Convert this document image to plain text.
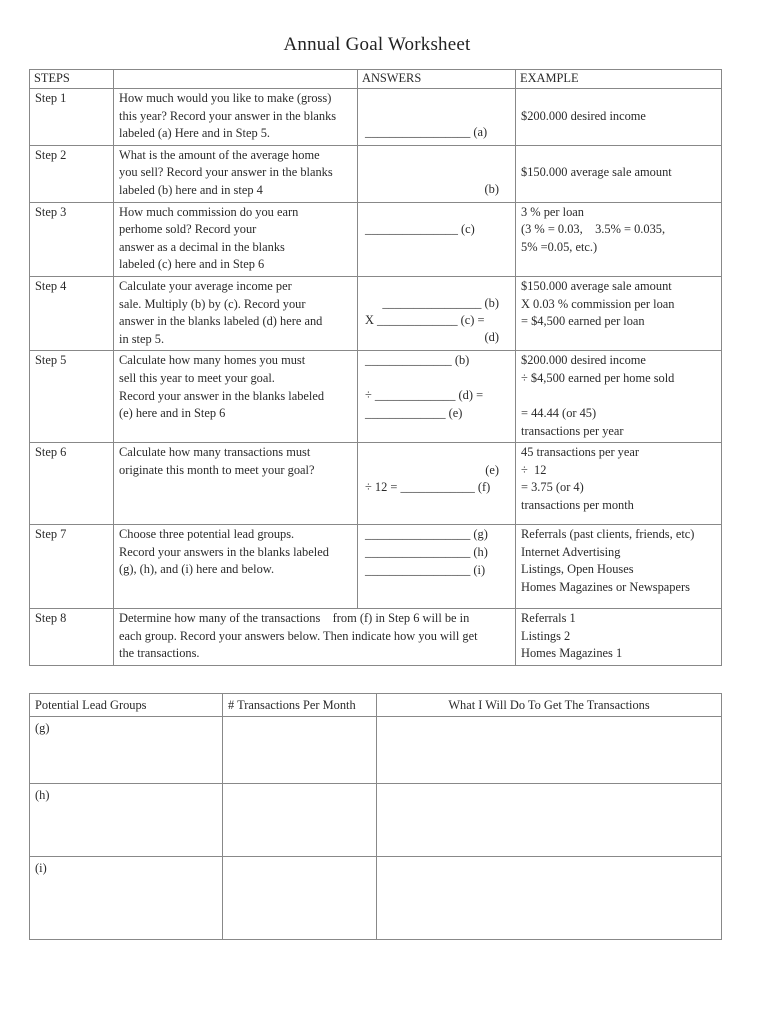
Annual Goal Worksheet
STEPS		ANSWERS	EXAMPLE
Step 1	How much would you like to make (gross)
this year? Record your answer in the blanks
labeled (a) Here and in Step 5.	_________________ (a)	$200.000 desired income

Step 2	What is the amount of the average home
you sell? Record your answer in the blanks
labeled (b) here and in step 4	(b)	$150.000 average sale amount

Step 3	How much commission do you earn
perhome sold? Record your
answer as a decimal in the blanks
labeled (c) here and in Step 6	_______________ (c)	3 % per loan
(3 % = 0.03,    3.5% = 0.035,
5% =0.05, etc.)

Step 4	Calculate your average income per
sale. Multiply (b) by (c). Record your
answer in the blanks labeled (d) here and
in step 5.	________________ (b)
X _____________ (c) =
(d)	$150.000 average sale amount
X 0.03 % commission per loan
= $4,500 earned per loan

Step 5	Calculate how many homes you must
sell this year to meet your goal.
Record your answer in the blanks labeled
(e) here and in Step 6	______________ (b)
÷ _____________ (d) =
_____________ (e)	$200.000 desired income
÷ $4,500 earned per home sold

= 44.44 (or 45)
transactions per year

Step 6	Calculate how many transactions must
originate this month to meet your goal?	(e)
÷ 12 = ____________ (f)	45 transactions per year
÷  12
= 3.75 (or 4)
transactions per month

Step 7	Choose three potential lead groups.
Record your answers in the blanks labeled
(g), (h), and (i) here and below.	_________________ (g)
_________________ (h)
_________________ (i)	Referrals (past clients, friends, etc)
Internet Advertising
Listings, Open Houses
Homes Magazines or Newspapers

Step 8	Determine how many of the transactions    from (f) in Step 6 will be in
each group. Record your answers below. Then indicate how you will get
the transactions.		Referrals 1
Listings 2
Homes Magazines 1
Potential Lead Groups	# Transactions Per Month	What I Will Do To Get The Transactions
(g)		
(h)		
(i)		
